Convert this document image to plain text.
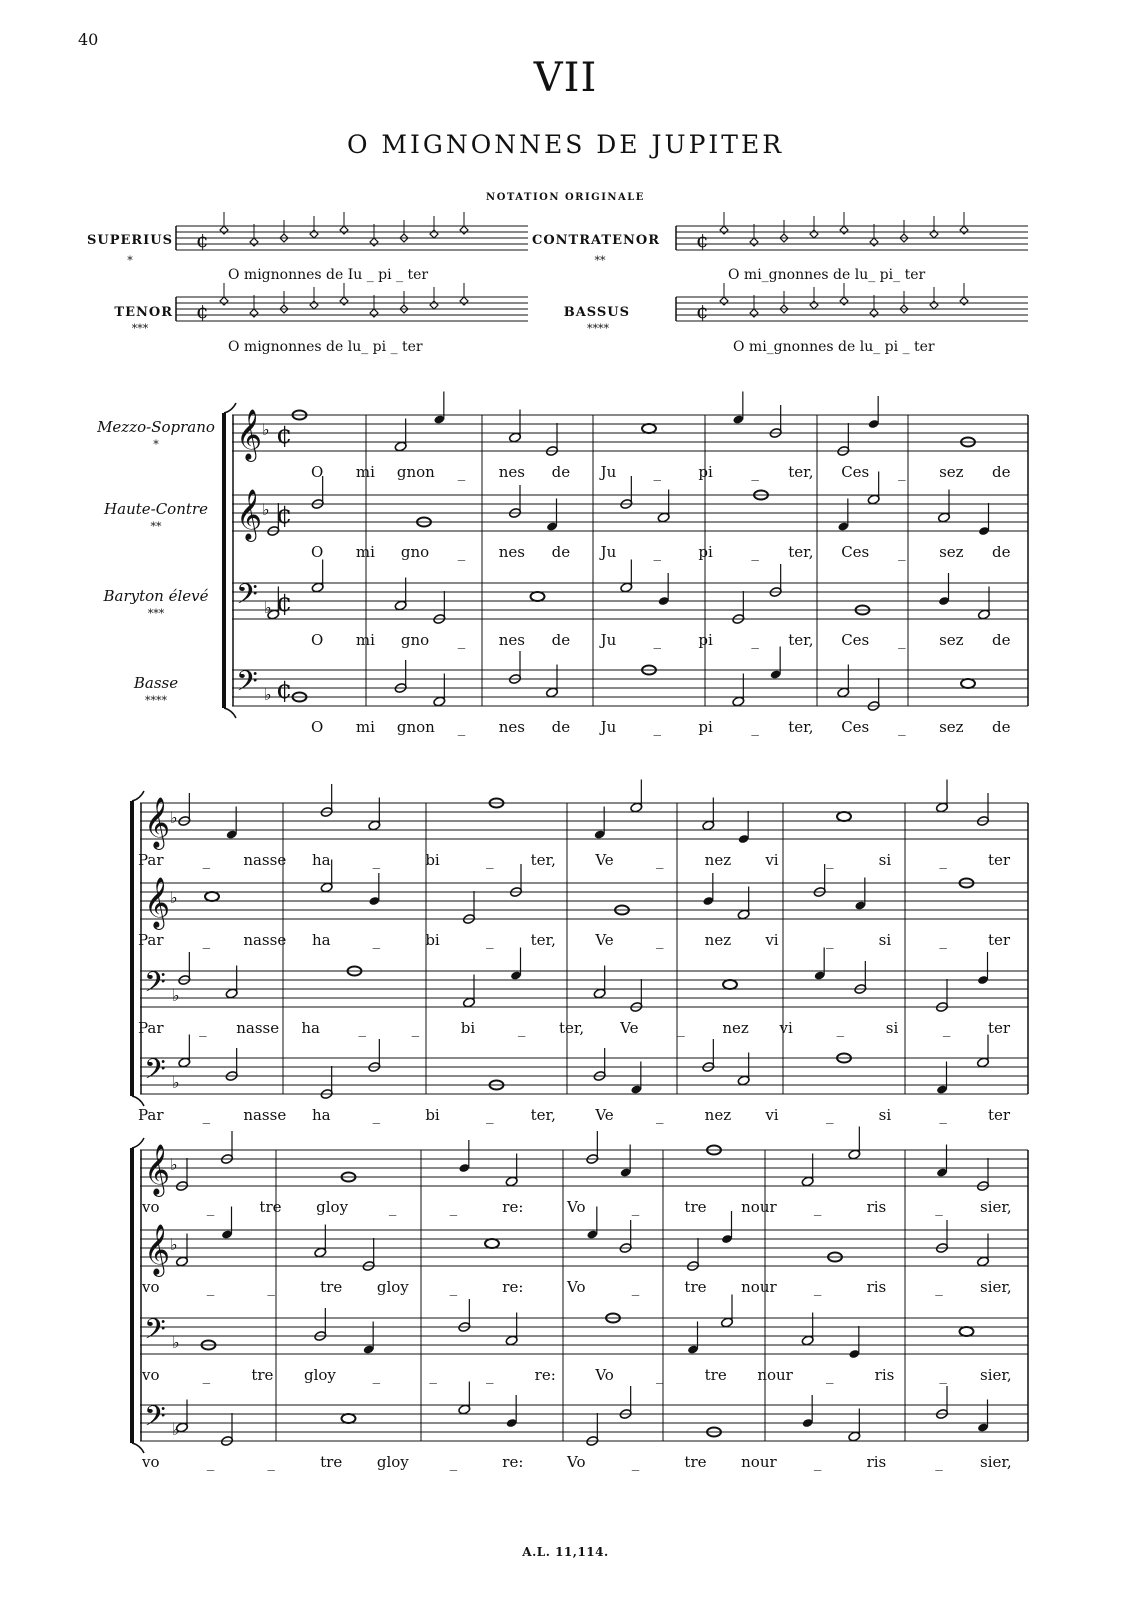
40
VII
O MIGNONNES DE JUPITER
NOTATION ORIGINALE
SUPERIUS
*
CONTRATENOR
**
TENOR
***
BASSUS
****
O mignonnes de Iu _ pi _ ter	O mi_gnonnes de lu_ pi_ ter
O mignonnes de lu_ pi _ ter	O mi_gnonnes de lu_ pi _ ter
Mezzo-Soprano
*
Haute-Contre
**
Baryton élevé
***
Basse
****
¢	¢
¢	¢
𝄞 ♭ ¢
𝄞 ♭ ¢
𝄢 ♭ ¢
𝄢 ♭ ¢
𝄞 ♭
𝄞 ♭
𝄢 ♭
𝄢 ♭
𝄞 ♭
𝄞 ♭
𝄢 ♭
𝄢 ♭
O mi gnon _ nes de Ju _ pi	_ ter, Ces _ sez de
O mi gno _ nes de Ju _ pi	_ ter, Ces _ sez de
O mi gno _ nes de Ju _ pi	_ ter, Ces _ sez de
O mi gnon _ nes de Ju _ pi	_ ter, Ces _ sez de
Par	_ nasse ha	_	bi	_ ter,	Ve	_	nez vi	_	si	_	ter
Par	_ nasse ha	_	bi	_ ter,	Ve	_	nez vi	_	si	_	ter
Par _ nasse ha	_	_	bi	_ ter, Ve	_	nez vi	_	si	_	ter
Par	_ nasse ha	_	bi	_ ter,	Ve	_	nez vi	_	si	_	ter
vo	_	tre gloy	_	_	re:	Vo	_	tre nour _	ris	_ sier,
vo	_	_	tre gloy	_	re:	Vo	_	tre nour _	ris	_ sier,
vo	_	tre gloy _	_	_	re:	Vo	_	tre nour _	ris	_ sier,
vo	_	_	tre gloy	_	re:	Vo	_	tre nour _	ris	_ sier,
A.L. 11,114.
